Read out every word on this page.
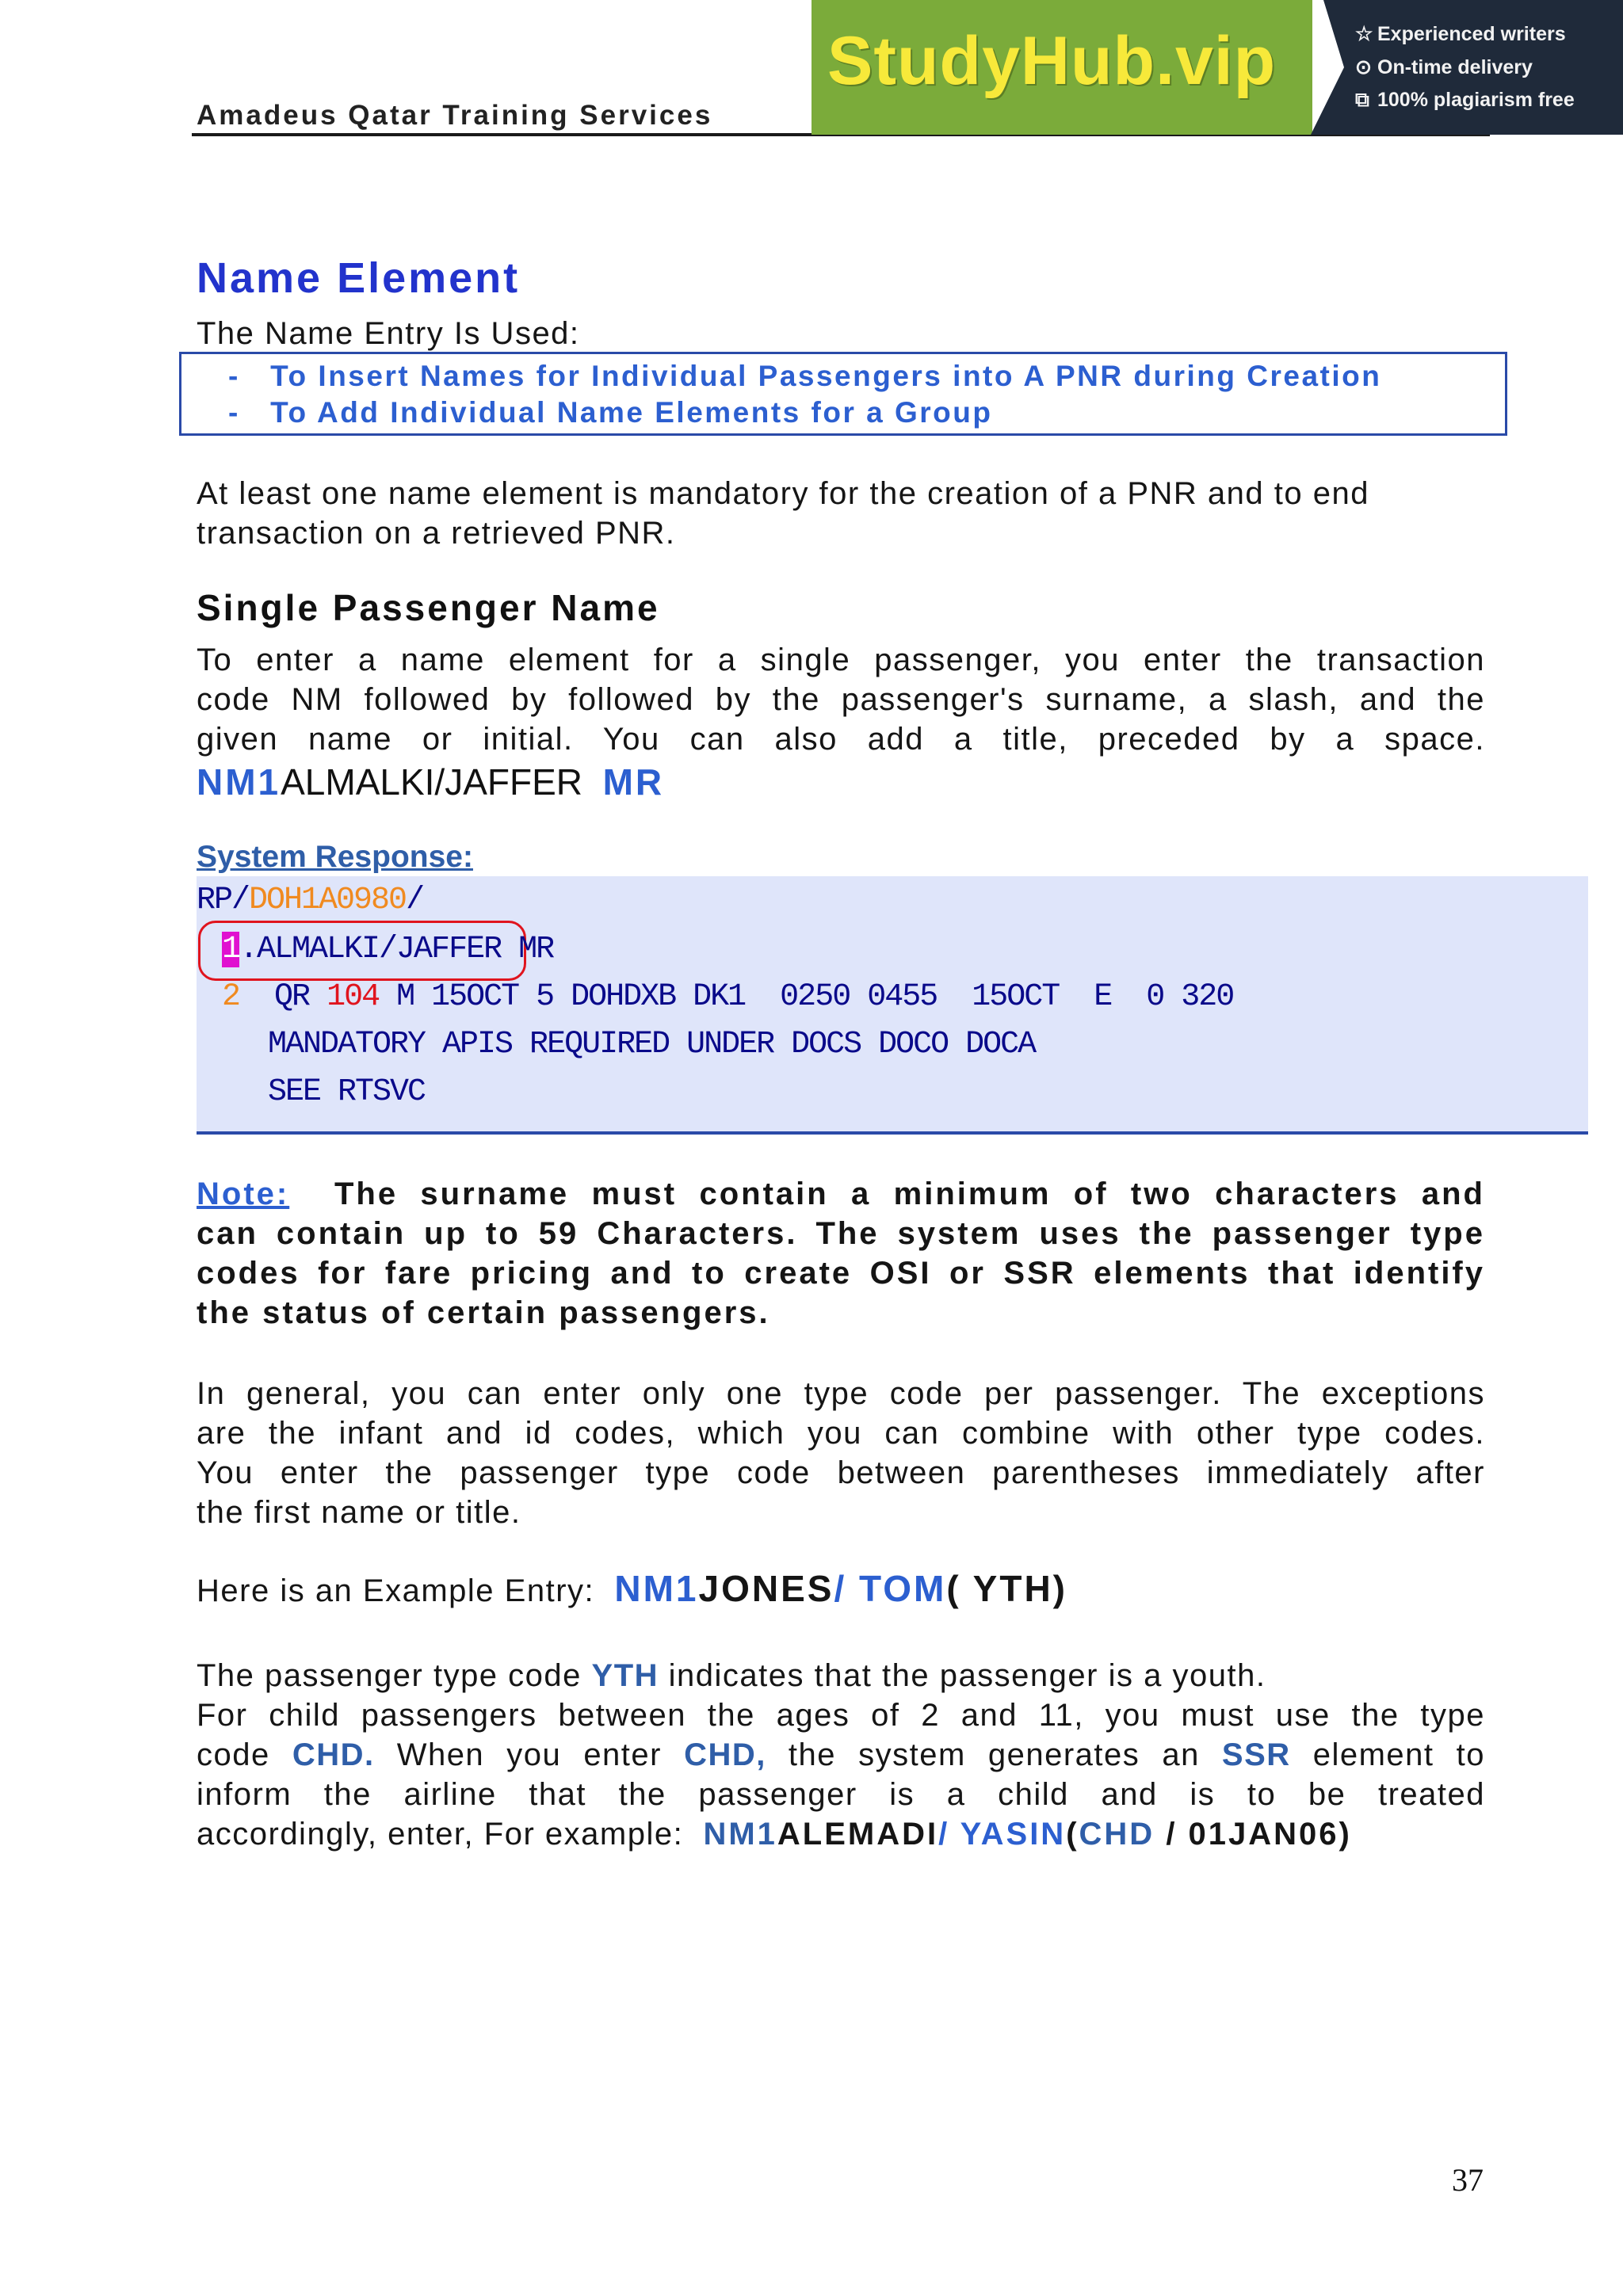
Amadeus Qatar Training Services
StudyHub.vip	☆ Experienced writers
⊙ On-time delivery
⧉ 100% plagiarism free
Name Element
The Name Entry Is Used:
- To Insert Names for Individual Passengers into A PNR during Creation
- To Add Individual Name Elements for a Group
At least one name element is mandatory for the creation of a PNR and to end
transaction on a retrieved PNR.
Single Passenger Name
To enter a name element for a single passenger, you enter the transaction
code NM followed by followed by the passenger's surname, a slash, and the
given name or initial. You can also add a title, preceded by a space.
NM1ALMALKI/JAFFER MR
System Response:
RP/DOH1A0980/
1.ALMALKI/JAFFER MR
2 QR 104 M 15OCT 5 DOHDXB DK1  0250 0455  15OCT  E  0 320
MANDATORY APIS REQUIRED UNDER DOCS DOCO DOCA
SEE RTSVC
Note: The surname must contain a minimum of two characters and
can contain up to 59 Characters. The system uses the passenger type
codes for fare pricing and to create OSI or SSR elements that identify
the status of certain passengers.
In general, you can enter only one type code per passenger. The exceptions
are the infant and id codes, which you can combine with other type codes.
You enter the passenger type code between parentheses immediately after
the first name or title.
Here is an Example Entry: NM1JONES/ TOM( YTH)
The passenger type code YTH indicates that the passenger is a youth.
For child passengers between the ages of 2 and 11, you must use the type
code CHD. When you enter CHD, the system generates an SSR element to
inform the airline that the passenger is a child and is to be treated
accordingly, enter, For example: NM1ALEMADI/ YASIN(CHD / 01JAN06)
37
